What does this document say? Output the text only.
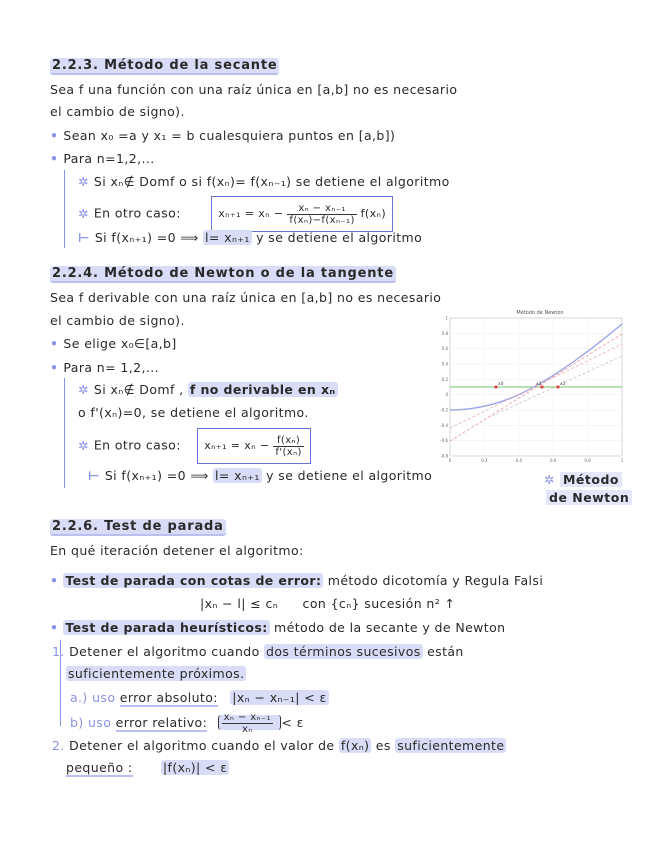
2.2.3. Método de la secante
Sea f una función con una raíz única en [a,b] no es necesario
el cambio de signo).
• Sean x₀ =a y x₁ = b cualesquiera puntos en [a,b])
• Para n=1,2,...
✲ Si xₙ∉ Domf o si f(xₙ)= f(xₙ₋₁) se detiene el algoritmo
✲ En otro caso:	$x_{n+1} = x_n - \frac{\text{xₙ − xₙ₋₁}}{\text{f(xₙ)−f(xₙ₋₁)}} f(x_n)$
⊢ Si f(xₙ₊₁) =0 ⟹ l= xₙ₊₁ y se detiene el algoritmo
2.2.4. Método de Newton o de la tangente
Sea f derivable con una raíz única en [a,b] no es necesario
el cambio de signo).
• Se elige x₀∈[a,b]
• Para n= 1,2,...
✲ Si xₙ∉ Domf , f no derivable en xₙ
o f'(xₙ)=0, se detiene el algoritmo.
✲ En otro caso: $x_{n+1} = x_n - \frac{\text{f(xₙ)}}{\text{f'(xₙ)}}$
⊢ Si f(xₙ₊₁) =0 ⟹ l= xₙ₊₁ y se detiene el algoritmo
Método de Newton
1
0.8
0.6
0.4
0.2
0
-0.2
-0.4
-0.6
-0.8
0	0.2	0.4	0.6	0.8	1
x0	x1	x2
✲ Método
de Newton
2.2.6. Test de parada
En qué iteración detener el algoritmo:
• Test de parada con cotas de error: método dicotomía y Regula Falsi
|xₙ − l| ≤ cₙ con {cₙ} sucesión n² ↑
• Test de parada heurísticos: método de la secante y de Newton
1. Detener el algoritmo cuando dos términos sucesivos están
suficientemente próximos.
a.) uso error absoluto: |xₙ − xₙ₋₁| < ε
b) uso error relativo: $\frac{\text{xₙ − xₙ₋₁}}{\text{xₙ}} < \varepsilon$
2. Detener el algoritmo cuando el valor de f(xₙ) es suficientemente
pequeño : |f(xₙ)| < ε
